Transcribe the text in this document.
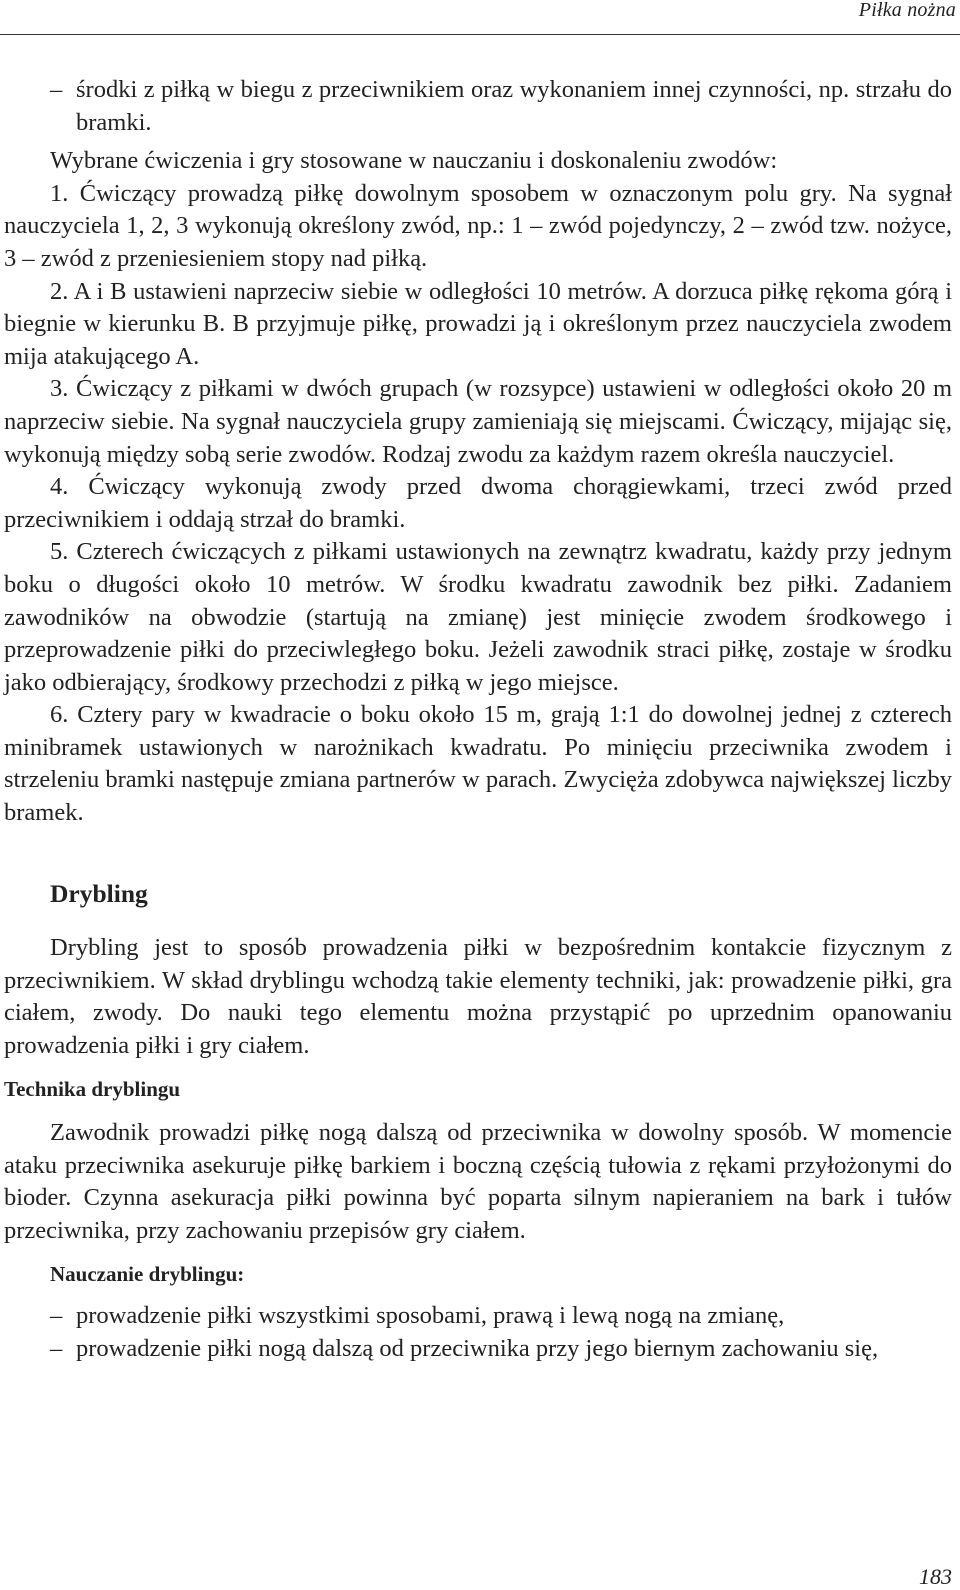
Piłka nożna

– środki z piłką w biegu z przeciwnikiem oraz wykonaniem innej czynności, np. strzału do bramki.

Wybrane ćwiczenia i gry stosowane w nauczaniu i doskonaleniu zwodów:

1. Ćwiczący prowadzą piłkę dowolnym sposobem w oznaczonym polu gry. Na sygnał nauczyciela 1, 2, 3 wykonują określony zwód, np.: 1 – zwód pojedynczy, 2 – zwód tzw. nożyce, 3 – zwód z przeniesieniem stopy nad piłką.

2. A i B ustawieni naprzeciw siebie w odległości 10 metrów. A dorzuca piłkę rękoma górą i biegnie w kierunku B. B przyjmuje piłkę, prowadzi ją i określonym przez nauczyciela zwodem mija atakującego A.

3. Ćwiczący z piłkami w dwóch grupach (w rozsypce) ustawieni w odległości około 20 m naprzeciw siebie. Na sygnał nauczyciela grupy zamieniają się miejscami. Ćwiczący, mijając się, wykonują między sobą serie zwodów. Rodzaj zwodu za każdym razem określa nauczyciel.

4. Ćwiczący wykonują zwody przed dwoma chorągiewkami, trzeci zwód przed przeciwnikiem i oddają strzał do bramki.

5. Czterech ćwiczących z piłkami ustawionych na zewnątrz kwadratu, każdy przy jednym boku o długości około 10 metrów. W środku kwadratu zawodnik bez piłki. Zadaniem zawodników na obwodzie (startują na zmianę) jest minięcie zwodem środkowego i przeprowadzenie piłki do przeciwległego boku. Jeżeli zawodnik straci piłkę, zostaje w środku jako odbierający, środkowy przechodzi z piłką w jego miejsce.

6. Cztery pary w kwadracie o boku około 15 m, grają 1:1 do dowolnej jednej z czterech minibramek ustawionych w narożnikach kwadratu. Po minięciu przeciwnika zwodem i strzeleniu bramki następuje zmiana partnerów w parach. Zwycięża zdobywca największej liczby bramek.

Drybling

Drybling jest to sposób prowadzenia piłki w bezpośrednim kontakcie fizycznym z przeciwnikiem. W skład dryblingu wchodzą takie elementy techniki, jak: prowadzenie piłki, gra ciałem, zwody. Do nauki tego elementu można przystąpić po uprzednim opanowaniu prowadzenia piłki i gry ciałem.

Technika dryblingu

Zawodnik prowadzi piłkę nogą dalszą od przeciwnika w dowolny sposób. W momencie ataku przeciwnika asekuruje piłkę barkiem i boczną częścią tułowia z rękami przyłożonymi do bioder. Czynna asekuracja piłki powinna być poparta silnym napieraniem na bark i tułów przeciwnika, przy zachowaniu przepisów gry ciałem.

Nauczanie dryblingu:

– prowadzenie piłki wszystkimi sposobami, prawą i lewą nogą na zmianę,

– prowadzenie piłki nogą dalszą od przeciwnika przy jego biernym zachowaniu się,

183
